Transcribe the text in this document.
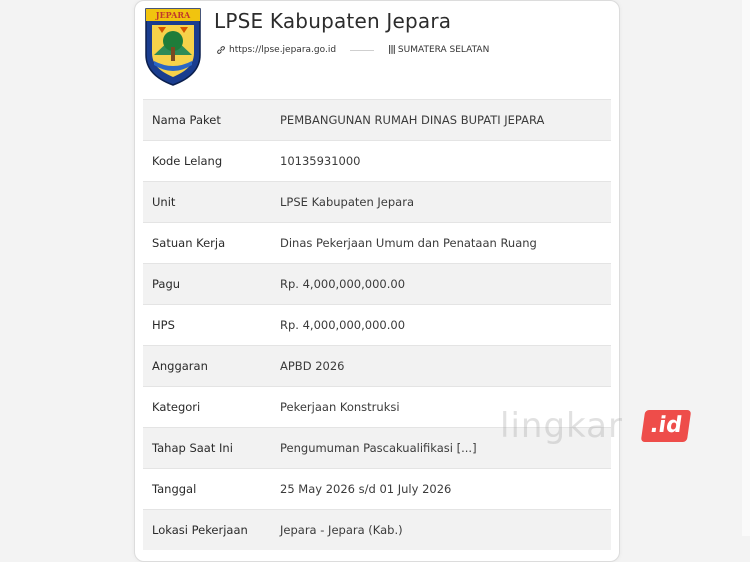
JEPARA LPSE Kabupaten Jepara
https://lpse.jepara.go.id	||| SUMATERA SELATAN
Nama Paket	PEMBANGUNAN RUMAH DINAS BUPATI JEPARA
Kode Lelang	10135931000
Unit	LPSE Kabupaten Jepara
Satuan Kerja	Dinas Pekerjaan Umum dan Penataan Ruang
Pagu	Rp. 4,000,000,000.00
HPS	Rp. 4,000,000,000.00
Anggaran	APBD 2026
Kategori	Pekerjaan Konstruksi
Tahap Saat Ini	Pengumuman Pascakualifikasi [...]
Tanggal	25 May 2026 s/d 01 July 2026
Lokasi Pekerjaan	Jepara - Jepara (Kab.)
lingkar	.id
